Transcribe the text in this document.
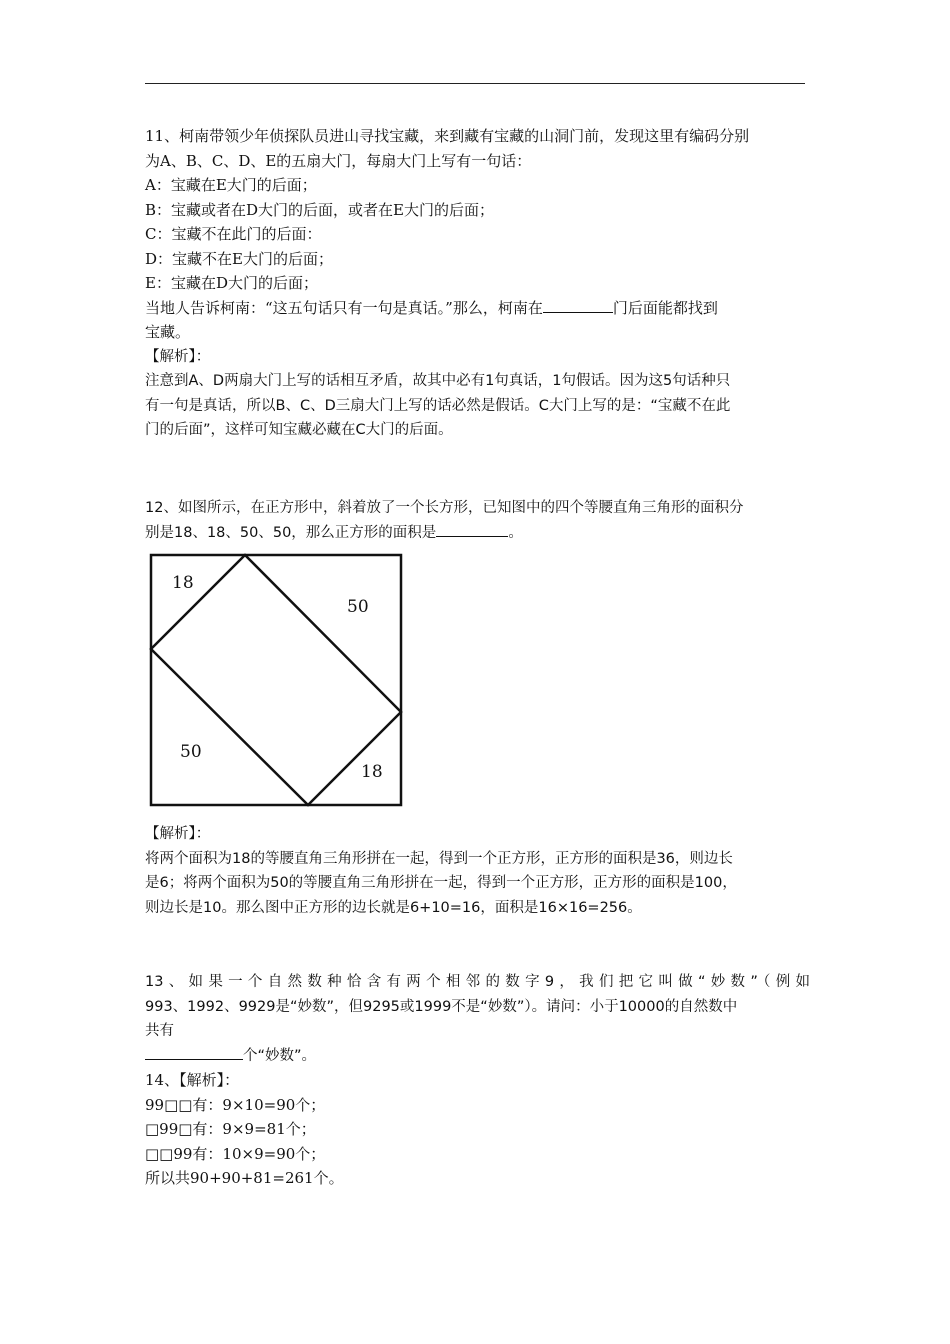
11、柯南带领少年侦探队员进山寻找宝藏，来到藏有宝藏的山洞门前，发现这里有编码分别
为A、B、C、D、E的五扇大门，每扇大门上写有一句话：
A：宝藏在E大门的后面；
B：宝藏或者在D大门的后面，或者在E大门的后面；
C：宝藏不在此门的后面：
D：宝藏不在E大门的后面；
E：宝藏在D大门的后面；
当地人告诉柯南：“这五句话只有一句是真话。”那么，柯南在	门后面能都找到
宝藏。
【解析】：
注意到A、D两扇大门上写的话相互矛盾，故其中必有1句真话，1句假话。因为这5句话种只
有一句是真话，所以B、C、D三扇大门上写的话必然是假话。C大门上写的是：“宝藏不在此
门的后面”，这样可知宝藏必藏在C大门的后面。
12、如图所示，在正方形中，斜着放了一个长方形，已知图中的四个等腰直角三角形的面积分
别是18、18、50、50，那么正方形的面积是	。
18
50
50
18
【解析】：
将两个面积为18的等腰直角三角形拼在一起，得到一个正方形，正方形的面积是36，则边长
是6；将两个面积为50的等腰直角三角形拼在一起，得到一个正方形，正方形的面积是100，
则边长是10。那么图中正方形的边长就是6+10=16，面积是16×16=256。
13、如果一个自然数种恰含有两个相邻的数字9，我们把它叫做“妙数”（例如
993、1992、9929是“妙数”，但9295或1999不是“妙数”）。请问：小于10000的自然数中
共有
个“妙数”。
14、【解析】：
99□□有：9×10=90个；
□99□有：9×9=81个；
□□99有：10×9=90个；
所以共90+90+81=261个。
